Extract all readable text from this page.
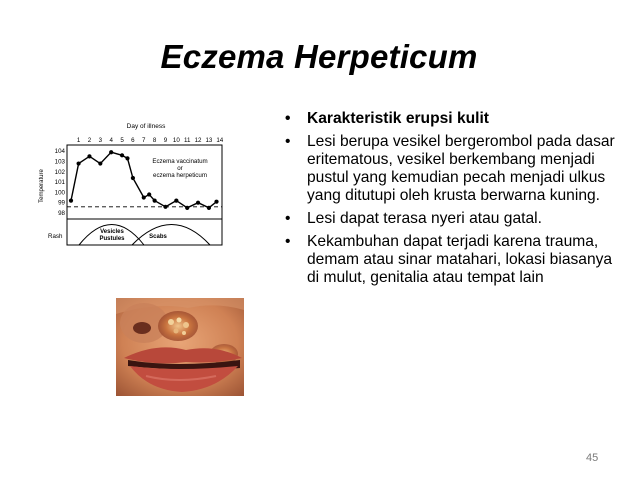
Eczema Herpeticum
Day of illness
1 2 3 4 5 6 7 8 9 10 11 12 13 14
Temperature
104
103
102
101
100
99
98
Eczema vaccinatum
or
eczema herpeticum
Rash
Vesicles
Pustules	Scabs
• Karakteristik erupsi kulit
• Lesi berupa vesikel bergerombol pada dasar eritematous, vesikel berkembang menjadi pustul yang kemudian pecah menjadi ulkus yang ditutupi oleh krusta berwarna kuning.
• Lesi dapat terasa nyeri atau gatal.
• Kekambuhan dapat terjadi karena trauma, demam atau sinar matahari, lokasi biasanya di mulut, genitalia atau tempat lain
45
